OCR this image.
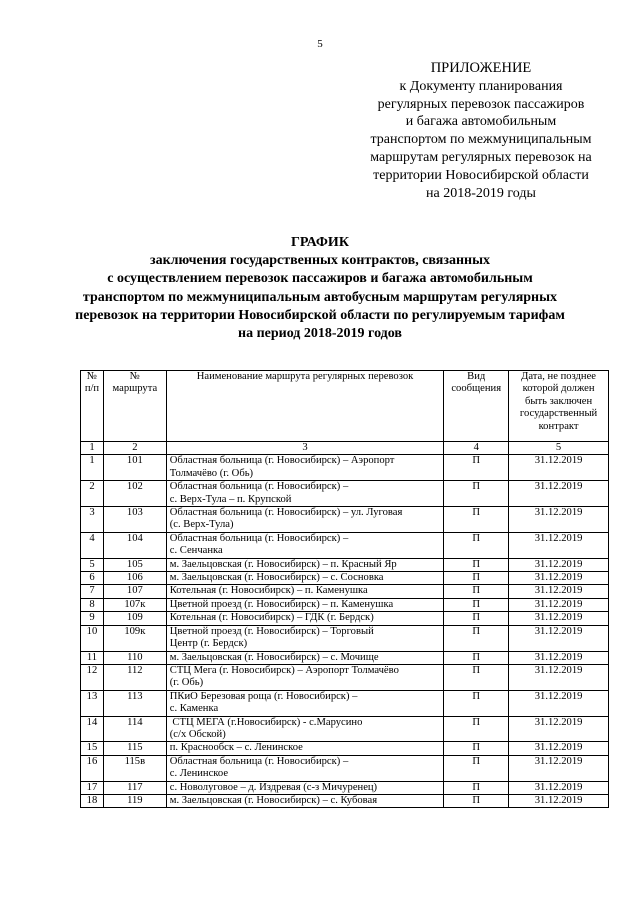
5
ПРИЛОЖЕНИЕ
к Документу планирования
регулярных перевозок пассажиров
и багажа автомобильным
транспортом по межмуниципальным
маршрутам регулярных перевозок на
территории Новосибирской области
на 2018-2019 годы
ГРАФИК
заключения государственных контрактов, связанных
с осуществлением перевозок пассажиров и багажа автомобильным
транспортом по межмуниципальным автобусным маршрутам регулярных
перевозок на территории Новосибирской области по регулируемым тарифам
на период 2018-2019 годов
№ п/п	№ маршрута	Наименование маршрута регулярных перевозок	Вид сообщения	Дата, не позднее которой должен быть заключен государственный контракт
1	2	3	4	5
1	101	Областная больница (г. Новосибирск) – Аэропорт
Толмачёво (г. Обь)	П	31.12.2019
2	102	Областная больница (г. Новосибирск) –
с. Верх-Тула – п. Крупской	П	31.12.2019
3	103	Областная больница (г. Новосибирск) – ул. Луговая
(с. Верх-Тула)	П	31.12.2019
4	104	Областная больница (г. Новосибирск) –
с. Сенчанка	П	31.12.2019
5	105	м. Заельцовская (г. Новосибирск) – п. Красный Яр	П	31.12.2019
6	106	м. Заельцовская (г. Новосибирск) – с. Сосновка	П	31.12.2019
7	107	Котельная (г. Новосибирск) – п. Каменушка	П	31.12.2019
8	107к	Цветной проезд (г. Новосибирск) – п. Каменушка	П	31.12.2019
9	109	Котельная (г. Новосибирск) – ГДК (г. Бердск)	П	31.12.2019
10	109к	Цветной проезд (г. Новосибирск) – Торговый
Центр (г. Бердск)	П	31.12.2019
11	110	м. Заельцовская (г. Новосибирск) – с. Мочище	П	31.12.2019
12	112	СТЦ Мега (г. Новосибирск) – Аэропорт Толмачёво
(г. Обь)	П	31.12.2019
13	113	ПКиО Березовая роща (г. Новосибирск) –
с. Каменка	П	31.12.2019
14	114	СТЦ МЕГА (г.Новосибирск) - с.Марусино
(с/х Обской)	П	31.12.2019
15	115	п. Краснообск – с. Ленинское	П	31.12.2019
16	115в	Областная больница (г. Новосибирск) –
с. Ленинское	П	31.12.2019
17	117	с. Новолуговое – д. Издревая (с-з Мичуренец)	П	31.12.2019
18	119	м. Заельцовская (г. Новосибирск) – с. Кубовая	П	31.12.2019
